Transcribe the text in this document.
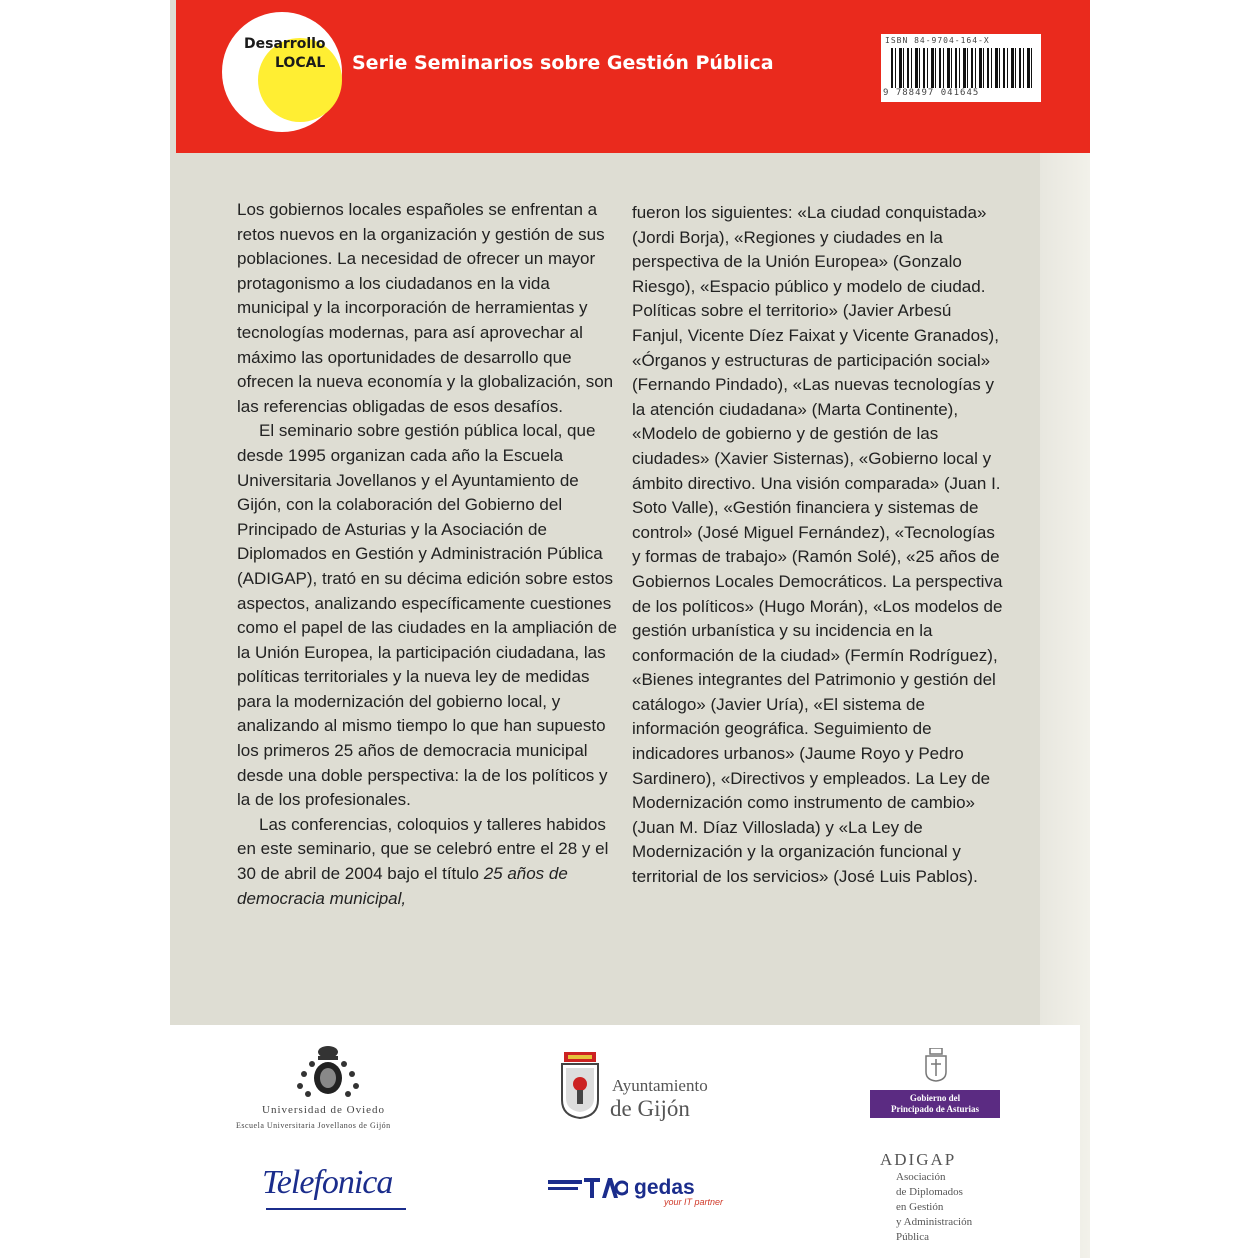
Desarrollo
LOCAL Serie Seminarios sobre Gestión Pública
ISBN 84-9704-164-X
9 788497 041645

Los gobiernos locales españoles se enfrentan a retos nuevos en la organización y gestión de sus poblaciones. La necesidad de ofrecer un mayor protagonismo a los ciudadanos en la vida municipal y la incorporación de herramientas y tecnologías modernas, para así aprovechar al máximo las oportunidades de desarrollo que ofrecen la nueva economía y la globalización, son las referencias obligadas de esos desafíos.

El seminario sobre gestión pública local, que desde 1995 organizan cada año la Escuela Universitaria Jovellanos y el Ayuntamiento de Gijón, con la colaboración del Gobierno del Principado de Asturias y la Asociación de Diplomados en Gestión y Administración Pública (ADIGAP), trató en su décima edición sobre estos aspectos, analizando específicamente cuestiones como el papel de las ciudades en la ampliación de la Unión Europea, la participación ciudadana, las políticas territoriales y la nueva ley de medidas para la modernización del gobierno local, y analizando al mismo tiempo lo que han supuesto los primeros 25 años de democracia municipal desde una doble perspectiva: la de los políticos y la de los profesionales.

Las conferencias, coloquios y talleres habidos en este seminario, que se celebró entre el 28 y el 30 de abril de 2004 bajo el título 25 años de democracia municipal,

fueron los siguientes: «La ciudad conquistada» (Jordi Borja), «Regiones y ciudades en la perspectiva de la Unión Europea» (Gonzalo Riesgo), «Espacio público y modelo de ciudad. Políticas sobre el territorio» (Javier Arbesú Fanjul, Vicente Díez Faixat y Vicente Granados), «Órganos y estructuras de participación social» (Fernando Pindado), «Las nuevas tecnologías y la atención ciudadana» (Marta Continente), «Modelo de gobierno y de gestión de las ciudades» (Xavier Sisternas), «Gobierno local y ámbito directivo. Una visión comparada» (Juan I. Soto Valle), «Gestión financiera y sistemas de control» (José Miguel Fernández), «Tecnologías y formas de trabajo» (Ramón Solé), «25 años de Gobiernos Locales Democráticos. La perspectiva de los políticos» (Hugo Morán), «Los modelos de gestión urbanística y su incidencia en la conformación de la ciudad» (Fermín Rodríguez), «Bienes integrantes del Patrimonio y gestión del catálogo» (Javier Uría), «El sistema de información geográfica. Seguimiento de indicadores urbanos» (Jaume Royo y Pedro Sardinero), «Directivos y empleados. La Ley de Modernización como instrumento de cambio» (Juan M. Díaz Villoslada) y «La Ley de Modernización y la organización funcional y territorial de los servicios» (José Luis Pablos).

Universidad de Oviedo
Escuela Universitaria Jovellanos de Gijón
Ayuntamiento
de Gijón	Gobierno del
Principado de Asturias
Telefonica	gedas
your IT partner
ADIGAP
Asociación
de Diplomados
en Gestión
y Administración
Pública
